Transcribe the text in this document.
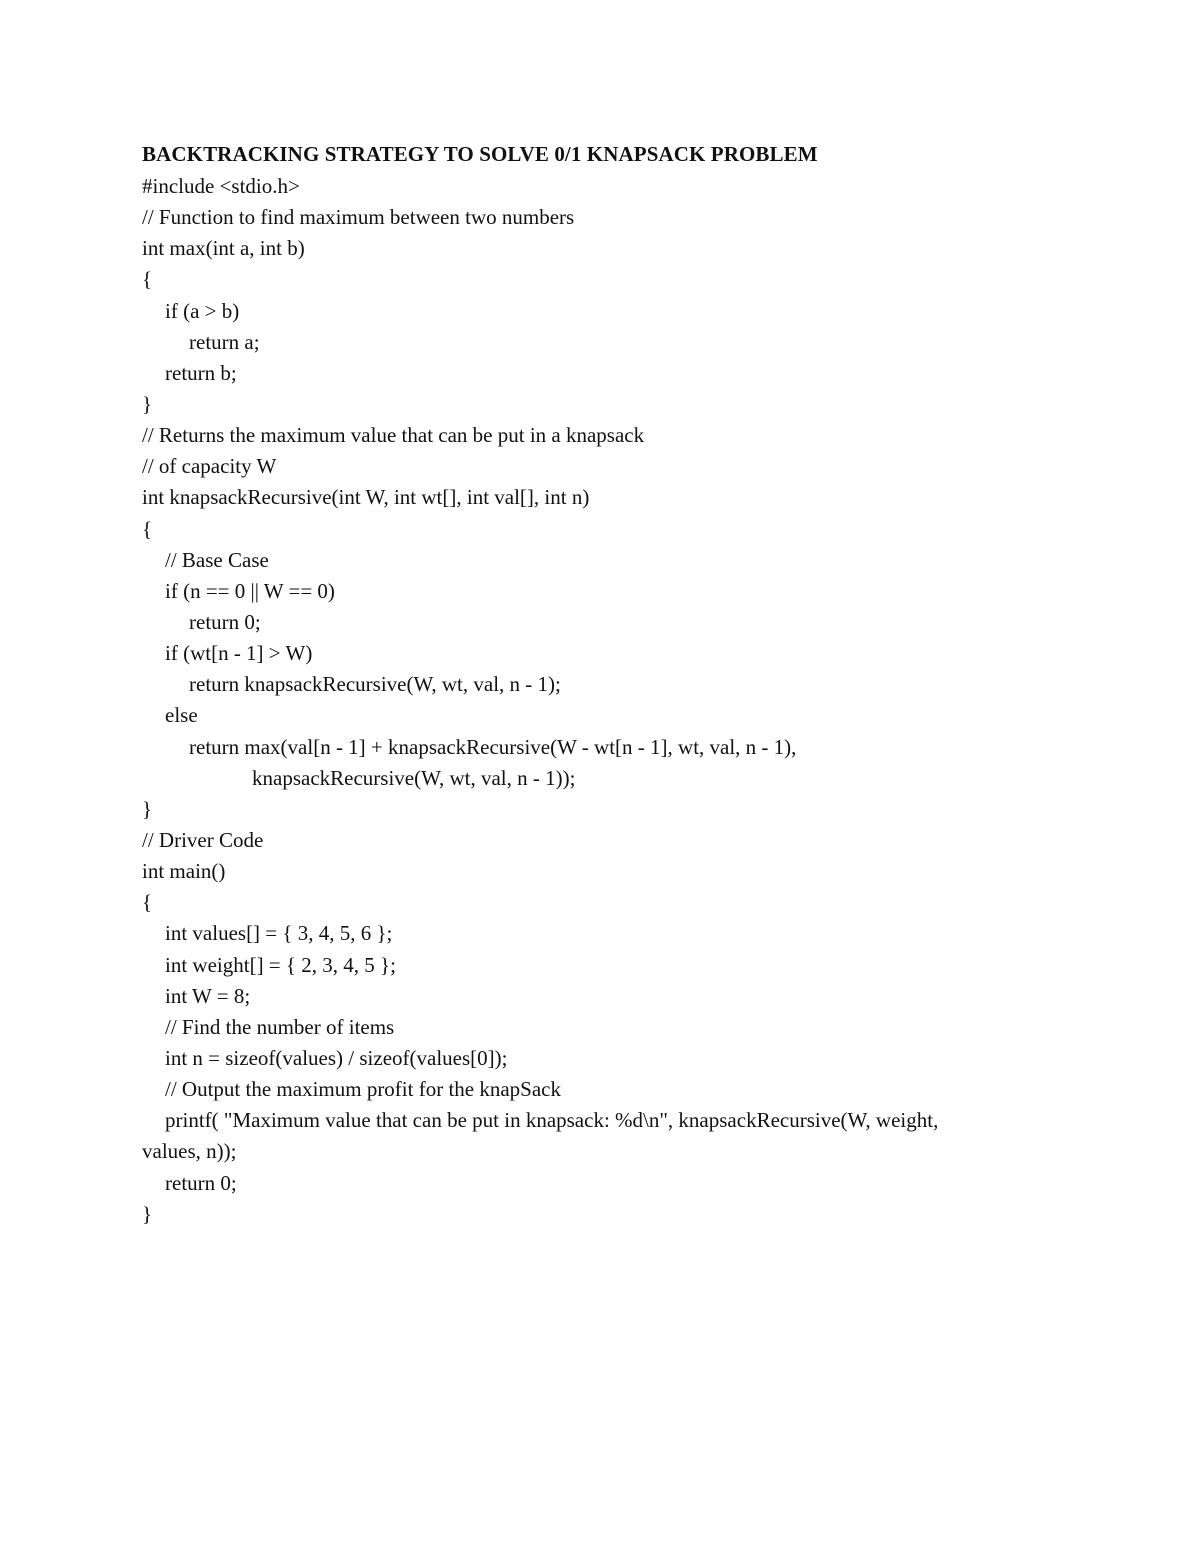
BACKTRACKING STRATEGY TO SOLVE 0/1 KNAPSACK PROBLEM
#include <stdio.h>
// Function to find maximum between two numbers
int max(int a, int b)
{
if (a > b)
return a;
return b;
}
// Returns the maximum value that can be put in a knapsack
// of capacity W
int knapsackRecursive(int W, int wt[], int val[], int n)
{
// Base Case
if (n == 0 || W == 0)
return 0;
if (wt[n - 1] > W)
return knapsackRecursive(W, wt, val, n - 1);
else
return max(val[n - 1] + knapsackRecursive(W - wt[n - 1], wt, val, n - 1),
knapsackRecursive(W, wt, val, n - 1));
}
// Driver Code
int main()
{
int values[] = { 3, 4, 5, 6 };
int weight[] = { 2, 3, 4, 5 };
int W = 8;
// Find the number of items
int n = sizeof(values) / sizeof(values[0]);
// Output the maximum profit for the knapSack
printf( "Maximum value that can be put in knapsack: %d\n", knapsackRecursive(W, weight,
values, n));
return 0;
}
